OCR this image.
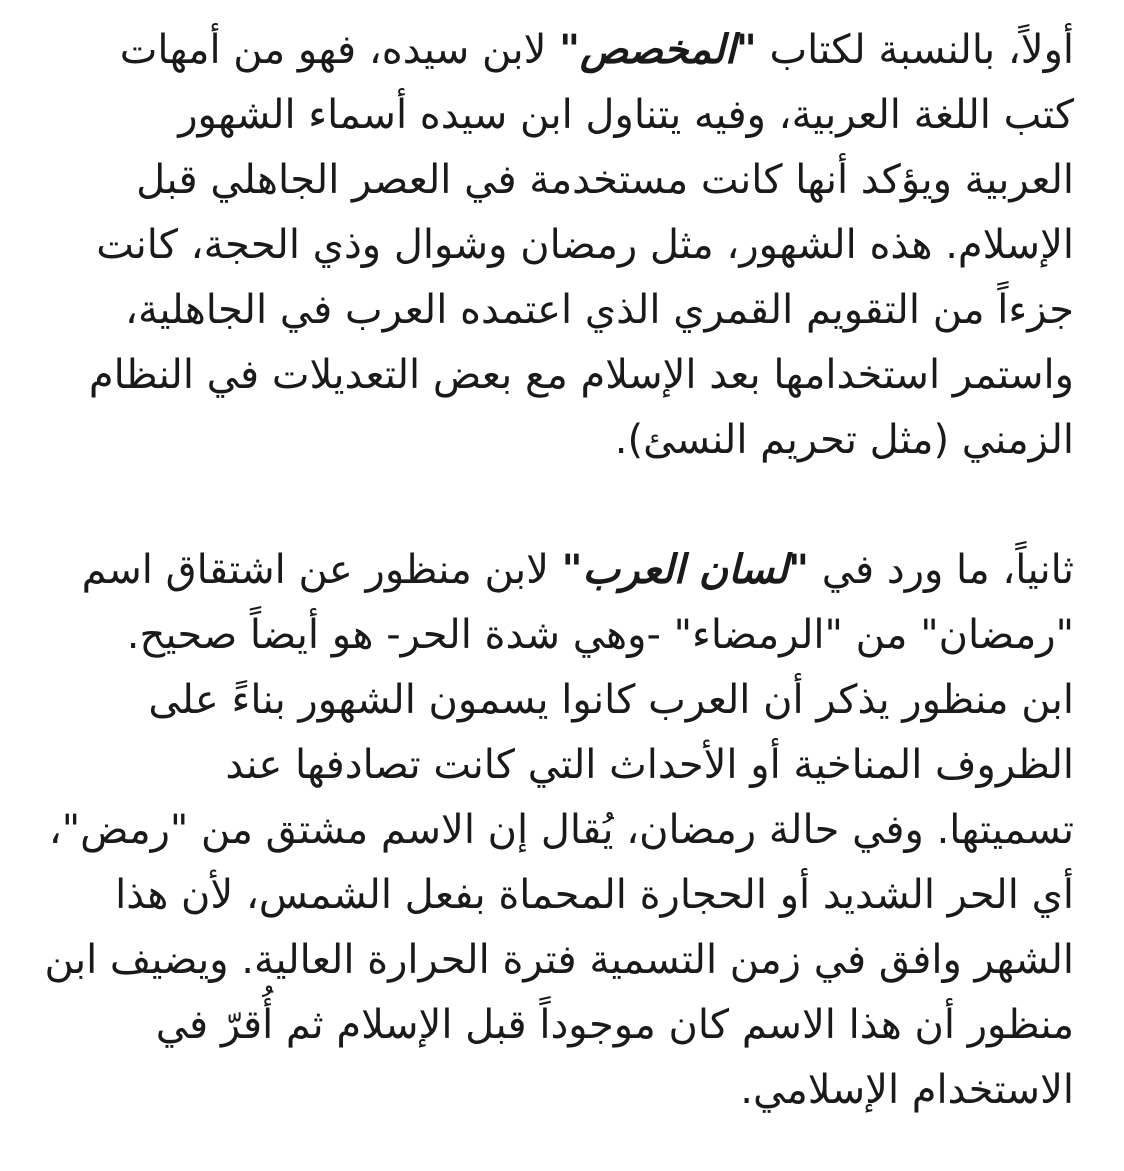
أولاً، بالنسبة لكتاب "المخصص" لابن سيده، فهو من أمهات
كتب اللغة العربية، وفيه يتناول ابن سيده أسماء الشهور
العربية ويؤكد أنها كانت مستخدمة في العصر الجاهلي قبل
الإسلام. هذه الشهور، مثل رمضان وشوال وذي الحجة، كانت
جزءاً من التقويم القمري الذي اعتمده العرب في الجاهلية،
واستمر استخدامها بعد الإسلام مع بعض التعديلات في النظام
الزمني (مثل تحريم النسئ).

ثانياً، ما ورد في "لسان العرب" لابن منظور عن اشتقاق اسم
"رمضان" من "الرمضاء" -وهي شدة الحر- هو أيضاً صحيح.
ابن منظور يذكر أن العرب كانوا يسمون الشهور بناءً على
الظروف المناخية أو الأحداث التي كانت تصادفها عند
تسميتها. وفي حالة رمضان، يُقال إن الاسم مشتق من "رمض"،
أي الحر الشديد أو الحجارة المحماة بفعل الشمس، لأن هذا
الشهر وافق في زمن التسمية فترة الحرارة العالية. ويضيف ابن
منظور أن هذا الاسم كان موجوداً قبل الإسلام ثم أُقرّ في
الاستخدام الإسلامي.
